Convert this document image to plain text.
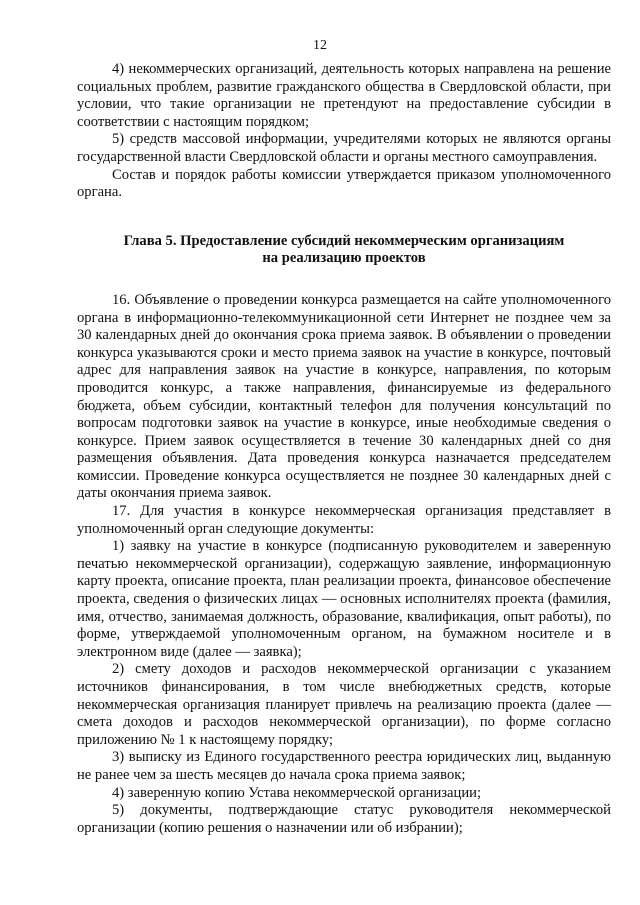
12

4) некоммерческих организаций, деятельность которых направлена на решение социальных проблем, развитие гражданского общества в Свердловской области, при условии, что такие организации не претендуют на предоставление субсидии в соответствии с настоящим порядком;

5) средств массовой информации, учредителями которых не являются органы государственной власти Свердловской области и органы местного самоуправления.

Состав и порядок работы комиссии утверждается приказом уполномоченного органа.

Глава 5. Предоставление субсидий некоммерческим организациям
на реализацию проектов

16. Объявление о проведении конкурса размещается на сайте уполномоченного органа в информационно-телекоммуникационной сети Интернет не позднее чем за 30 календарных дней до окончания срока приема заявок. В объявлении о проведении конкурса указываются сроки и место приема заявок на участие в конкурсе, почтовый адрес для направления заявок на участие в конкурсе, направления, по которым проводится конкурс, а также направления, финансируемые из федерального бюджета, объем субсидии, контактный телефон для получения консультаций по вопросам подготовки заявок на участие в конкурсе, иные необходимые сведения о конкурсе. Прием заявок осуществляется в течение 30 календарных дней со дня размещения объявления. Дата проведения конкурса назначается председателем комиссии. Проведение конкурса осуществляется не позднее 30 календарных дней с даты окончания приема заявок.

17. Для участия в конкурсе некоммерческая организация представляет в уполномоченный орган следующие документы:

1) заявку на участие в конкурсе (подписанную руководителем и заверенную печатью некоммерческой организации), содержащую заявление, информационную карту проекта, описание проекта, план реализации проекта, финансовое обеспечение проекта, сведения о физических лицах — основных исполнителях проекта (фамилия, имя, отчество, занимаемая должность, образование, квалификация, опыт работы), по форме, утверждаемой уполномоченным органом, на бумажном носителе и в электронном виде (далее — заявка);

2) смету доходов и расходов некоммерческой организации с указанием источников финансирования, в том числе внебюджетных средств, которые некоммерческая организация планирует привлечь на реализацию проекта (далее — смета доходов и расходов некоммерческой организации), по форме согласно приложению № 1 к настоящему порядку;

3) выписку из Единого государственного реестра юридических лиц, выданную не ранее чем за шесть месяцев до начала срока приема заявок;

4) заверенную копию Устава некоммерческой организации;

5) документы, подтверждающие статус руководителя некоммерческой организации (копию решения о назначении или об избрании);
